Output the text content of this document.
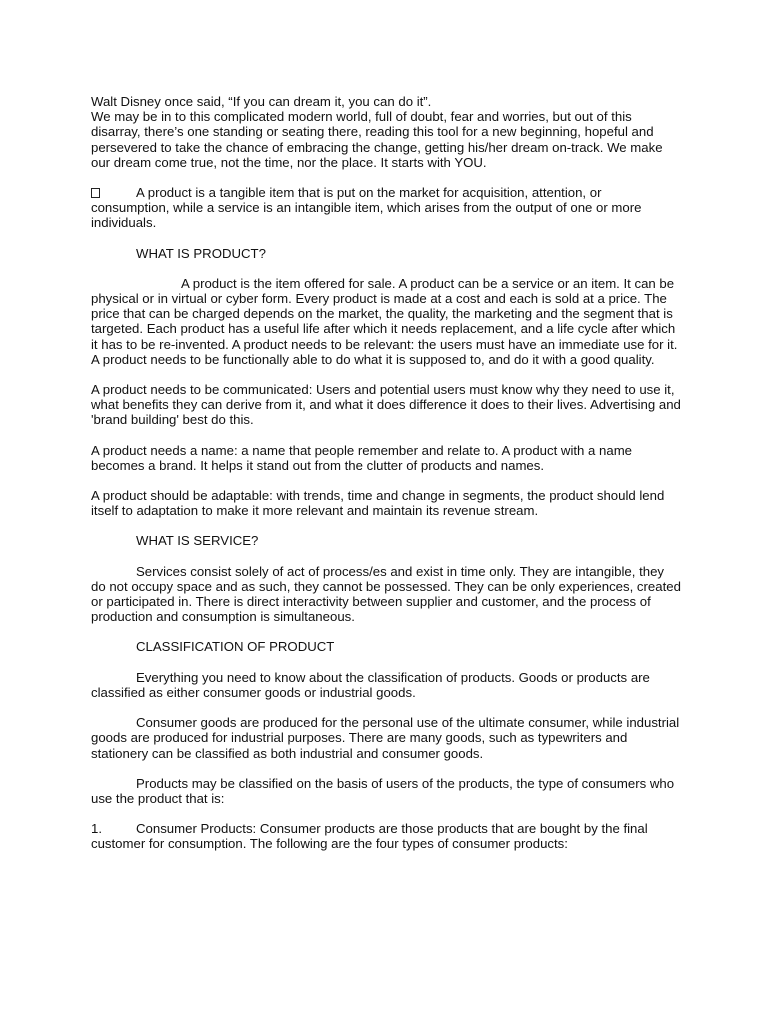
Walt Disney once said, “If you can dream it, you can do it”.

We may be in to this complicated modern world, full of doubt, fear and worries, but out of this disarray, there’s one standing or seating there, reading this tool for a new beginning, hopeful and persevered to take the chance of embracing the change, getting his/her dream on-track. We make our dream come true, not the time, nor the place. It starts with YOU.

A product is a tangible item that is put on the market for acquisition, attention, or consumption, while a service is an intangible item, which arises from the output of one or more individuals.

WHAT IS PRODUCT?

A product is the item offered for sale. A product can be a service or an item. It can be physical or in virtual or cyber form. Every product is made at a cost and each is sold at a price. The price that can be charged depends on the market, the quality, the marketing and the segment that is targeted. Each product has a useful life after which it needs replacement, and a life cycle after which it has to be re-invented. A product needs to be relevant: the users must have an immediate use for it. A product needs to be functionally able to do what it is supposed to, and do it with a good quality.

A product needs to be communicated: Users and potential users must know why they need to use it, what benefits they can derive from it, and what it does difference it does to their lives. Advertising and 'brand building' best do this.

A product needs a name: a name that people remember and relate to. A product with a name becomes a brand. It helps it stand out from the clutter of products and names.

A product should be adaptable: with trends, time and change in segments, the product should lend itself to adaptation to make it more relevant and maintain its revenue stream.

WHAT IS SERVICE?

Services consist solely of act of process/es and exist in time only. They are intangible, they do not occupy space and as such, they cannot be possessed. They can be only experiences, created or participated in. There is direct interactivity between supplier and customer, and the process of production and consumption is simultaneous.

CLASSIFICATION OF PRODUCT

Everything you need to know about the classification of products. Goods or products are classified as either consumer goods or industrial goods.

Consumer goods are produced for the personal use of the ultimate consumer, while industrial goods are produced for industrial purposes. There are many goods, such as typewriters and stationery can be classified as both industrial and consumer goods.

Products may be classified on the basis of users of the products, the type of consumers who use the product that is:

1.	Consumer Products: Consumer products are those products that are bought by the final customer for consumption. The following are the four types of consumer products:
